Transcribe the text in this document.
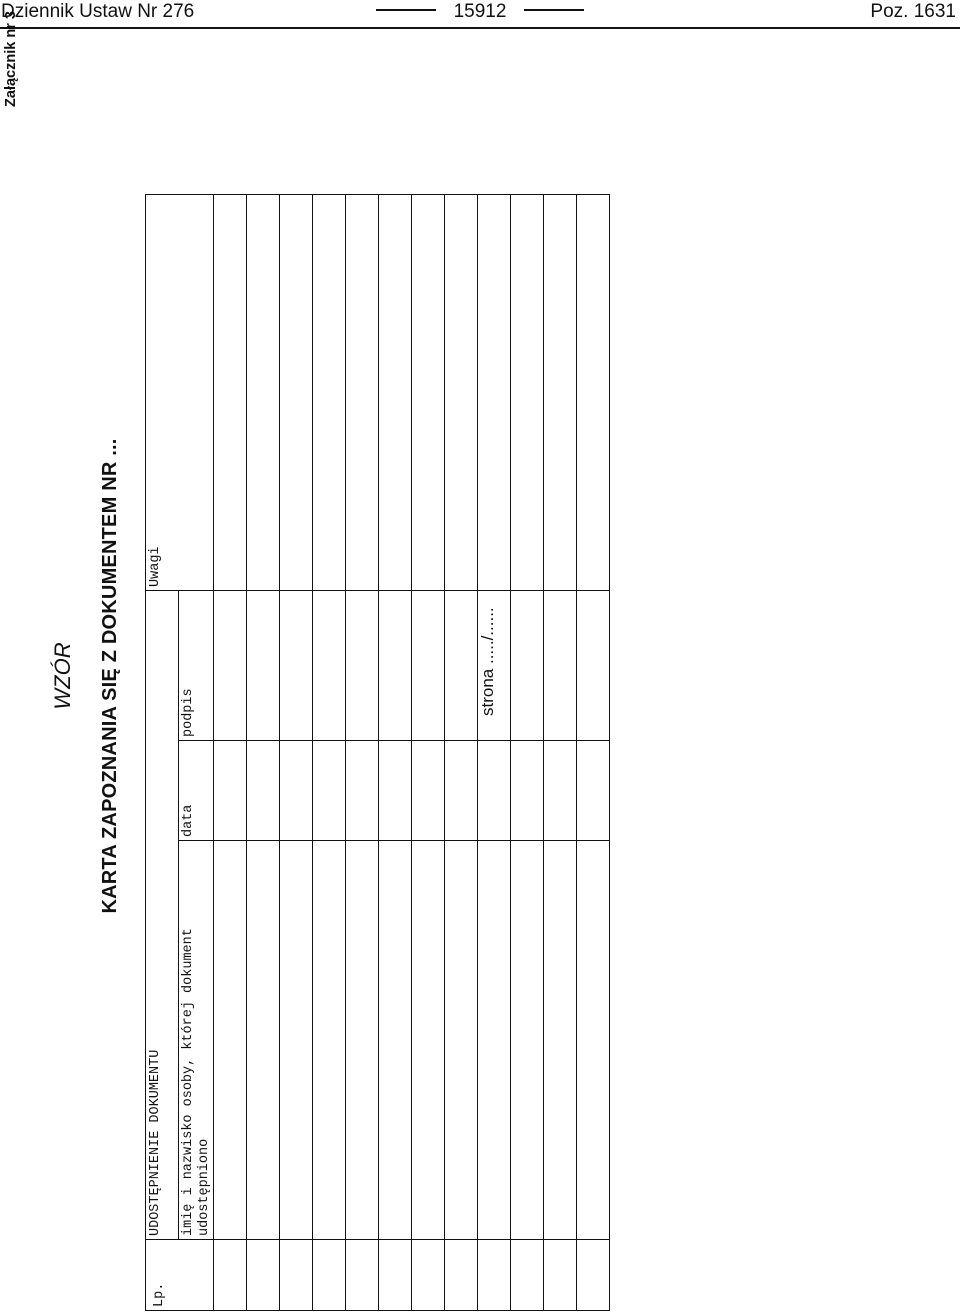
Dziennik Ustaw Nr 276	15912	Poz. 1631
Załącznik nr 3
WZÓR KARTA ZAPOZNANIA SIĘ Z DOKUMENTEM NR ...
Lp.	UDOSTĘPNIENIE DOKUMENTU			Uwagi

	imię i nazwisko osoby, której dokument udostępniono	data	podpis	

					strona ...../......
